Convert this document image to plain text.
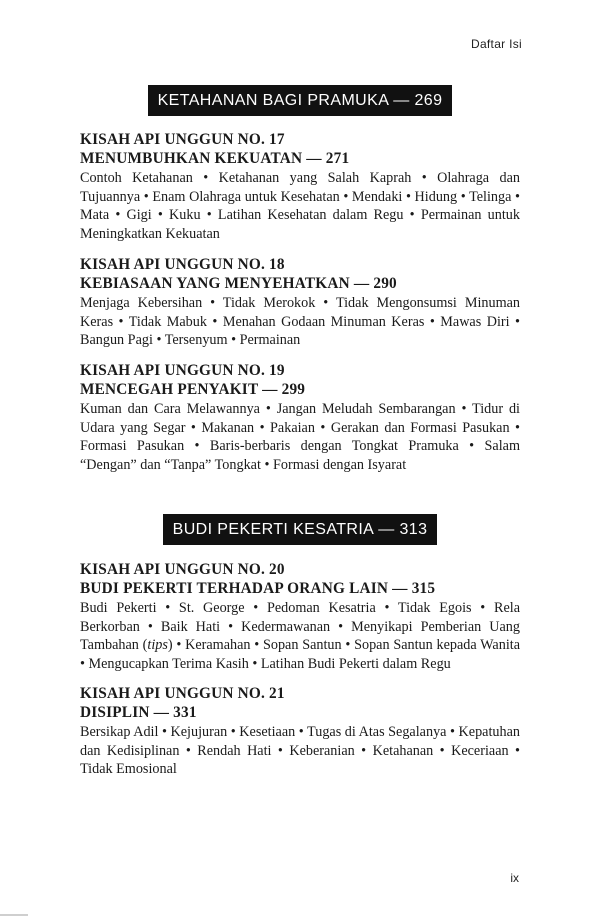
Daftar Isi
KETAHANAN BAGI PRAMUKA — 269
KISAH API UNGGUN NO. 17
MENUMBUHKAN KEKUATAN — 271
Contoh Ketahanan • Ketahanan yang Salah Kaprah • Olahraga dan Tujuannya • Enam Olahraga untuk Kesehatan • Mendaki • Hidung • Telinga • Mata • Gigi • Kuku • Latihan Kesehatan dalam Regu • Permainan untuk Meningkatkan Kekuatan
KISAH API UNGGUN NO. 18
KEBIASAAN YANG MENYEHATKAN — 290
Menjaga Kebersihan • Tidak Merokok • Tidak Mengonsumsi Minuman Keras • Tidak Mabuk • Menahan Godaan Minuman Keras • Mawas Diri • Bangun Pagi • Tersenyum • Permainan
KISAH API UNGGUN NO. 19
MENCEGAH PENYAKIT — 299
Kuman dan Cara Melawannya • Jangan Meludah Sembarangan • Tidur di Udara yang Segar • Makanan • Pakaian • Gerakan dan Formasi Pasukan • Formasi Pasukan • Baris-berbaris dengan Tongkat Pramuka • Salam “Dengan” dan “Tanpa” Tongkat • Formasi dengan Isyarat
BUDI PEKERTI KESATRIA — 313
KISAH API UNGGUN NO. 20
BUDI PEKERTI TERHADAP ORANG LAIN — 315
Budi Pekerti • St. George • Pedoman Kesatria • Tidak Egois • Rela Berkorban • Baik Hati • Kedermawanan • Menyikapi Pemberian Uang Tambahan (tips) • Keramahan • Sopan Santun • Sopan Santun kepada Wanita • Mengucapkan Terima Kasih • Latihan Budi Pekerti dalam Regu
KISAH API UNGGUN NO. 21
DISIPLIN — 331
Bersikap Adil • Kejujuran • Kesetiaan • Tugas di Atas Segalanya • Kepatuhan dan Kedisiplinan • Rendah Hati • Keberanian • Ketahanan • Keceriaan • Tidak Emosional
ix
